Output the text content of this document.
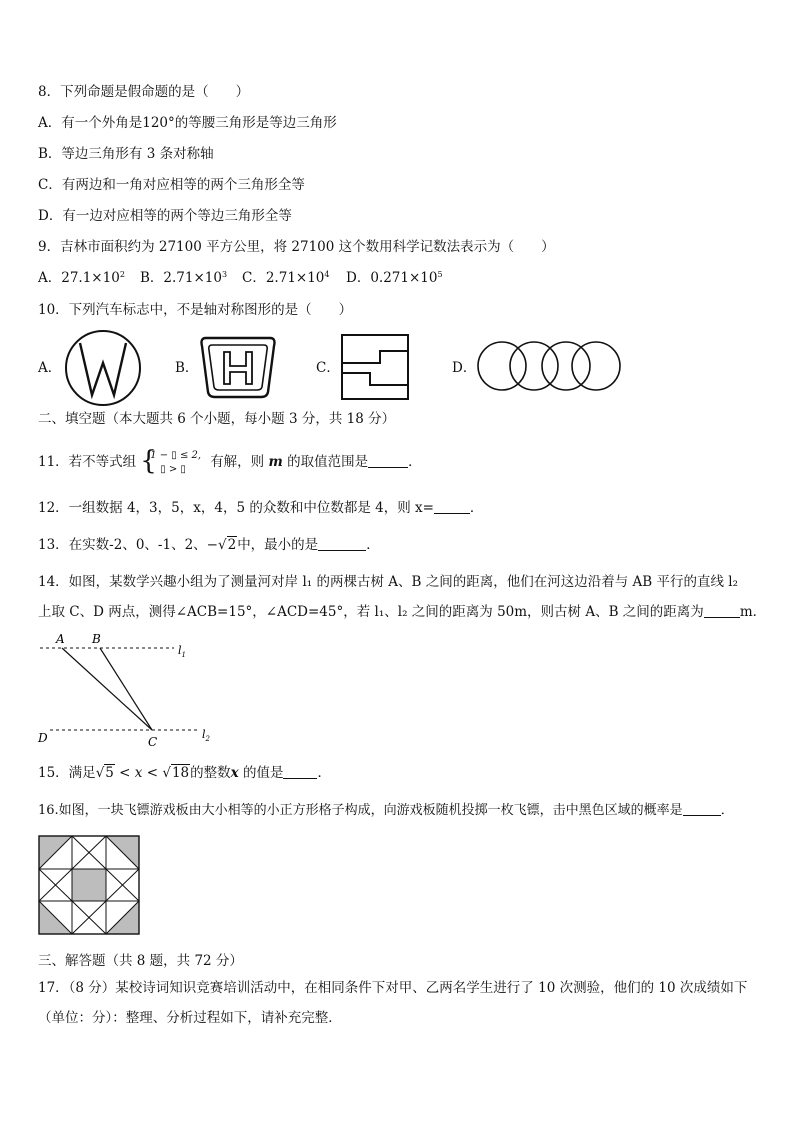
8．下列命题是假命题的是（　　）
A．有一个外角是120°的等腰三角形是等边三角形
B．等边三角形有 3 条对称轴
C．有两边和一角对应相等的两个三角形全等
D．有一边对应相等的两个等边三角形全等
9．吉林市面积约为 27100 平方公里，将 27100 这个数用科学记数法表示为（　　）
A．$27.1\times 10^2$ B．$2.71\times 10^3$ C．$2.71\times 10^4$ D．$0.271\times 10^5$
10．下列汽车标志中，不是轴对称图形的是（　　）
A．	B．	C．	D．
二、填空题（本大题共 6 个小题，每小题 3 分，共 18 分）
11．若不等式组 {
1 − ▯ ≤ 2,
▯ > ▯ 有解，则 m 的取值范围是	．
12．一组数据 4，3，5，x，4，5 的众数和中位数都是 4，则 x=	．
13．在实数-2、0、-1、2、−√2中，最小的是	．
14．如图，某数学兴趣小组为了测量河对岸 l₁ 的两棵古树 A、B 之间的距离，他们在河这边沿着与 AB 平行的直线 l₂
上取 C、D 两点，测得∠ACB=15°，∠ACD=45°，若 l₁、l₂ 之间的距离为 50m，则古树 A、B 之间的距离为	m．
A B
$l_1$
D	C
$l_2$
15．满足√5 < x < √18的整数x 的值是	．
16.如图，一块飞镖游戏板由大小相等的小正方形格子构成，向游戏板随机投掷一枚飞镖，击中黑色区域的概率是	．
三、解答题（共 8 题，共 72 分）
17．（8 分）某校诗词知识竞赛培训活动中，在相同条件下对甲、乙两名学生进行了 10 次测验，他们的 10 次成绩如下
（单位：分）：整理、分析过程如下，请补充完整．
